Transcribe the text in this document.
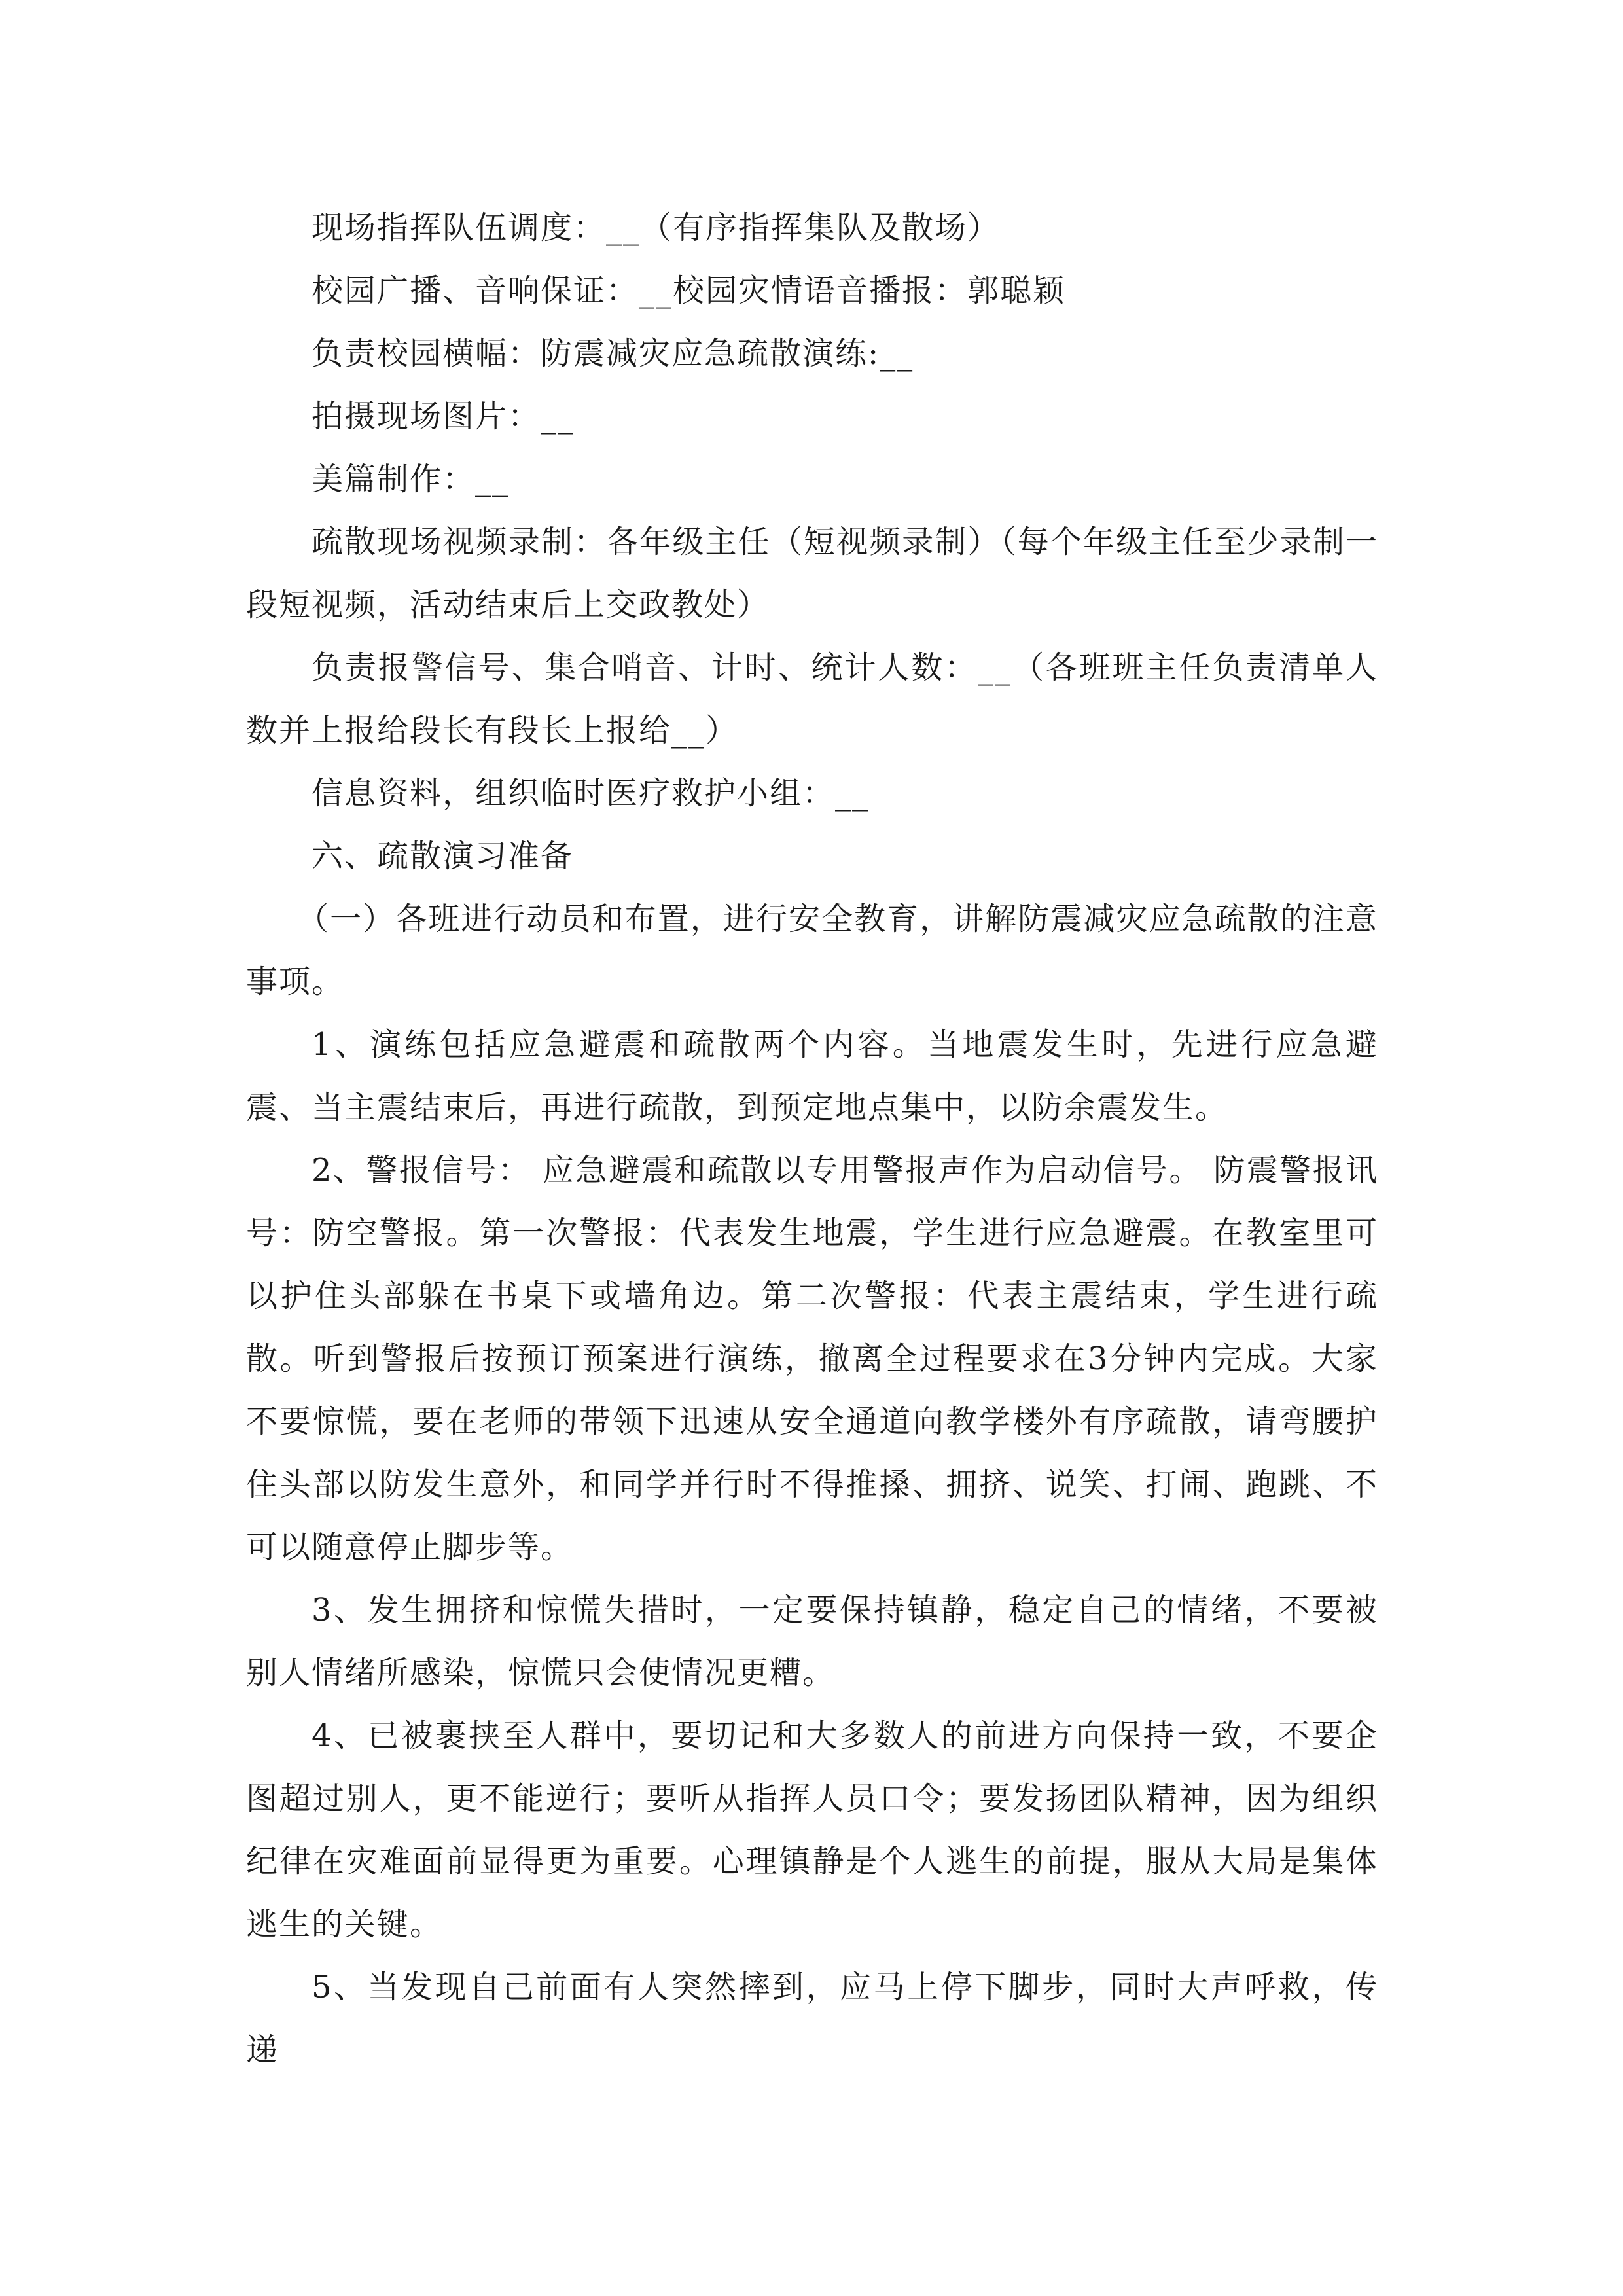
现场指挥队伍调度：__（有序指挥集队及散场）

校园广播、音响保证：__校园灾情语音播报：郭聪颖

负责校园横幅：防震减灾应急疏散演练:__

拍摄现场图片：__

美篇制作：__

疏散现场视频录制：各年级主任（短视频录制）（每个年级主任至少录制一段短视频，活动结束后上交政教处）

负责报警信号、集合哨音、计时、统计人数：__（各班班主任负责清单人数并上报给段长有段长上报给__）

信息资料，组织临时医疗救护小组：__

六、疏散演习准备

（一）各班进行动员和布置，进行安全教育，讲解防震减灾应急疏散的注意事项。

1、演练包括应急避震和疏散两个内容。当地震发生时，先进行应急避震、当主震结束后，再进行疏散，到预定地点集中，以防余震发生。

2、警报信号： 应急避震和疏散以专用警报声作为启动信号。 防震警报讯号：防空警报。第一次警报：代表发生地震，学生进行应急避震。在教室里可以护住头部躲在书桌下或墙角边。第二次警报：代表主震结束，学生进行疏散。听到警报后按预订预案进行演练，撤离全过程要求在3分钟内完成。大家不要惊慌，要在老师的带领下迅速从安全通道向教学楼外有序疏散，请弯腰护住头部以防发生意外，和同学并行时不得推搡、拥挤、说笑、打闹、跑跳、不可以随意停止脚步等。

3、发生拥挤和惊慌失措时，一定要保持镇静，稳定自己的情绪，不要被别人情绪所感染，惊慌只会使情况更糟。

4、已被裹挟至人群中，要切记和大多数人的前进方向保持一致，不要企图超过别人，更不能逆行；要听从指挥人员口令；要发扬团队精神，因为组织纪律在灾难面前显得更为重要。心理镇静是个人逃生的前提，服从大局是集体逃生的关键。

5、当发现自己前面有人突然摔到，应马上停下脚步，同时大声呼救，传递
